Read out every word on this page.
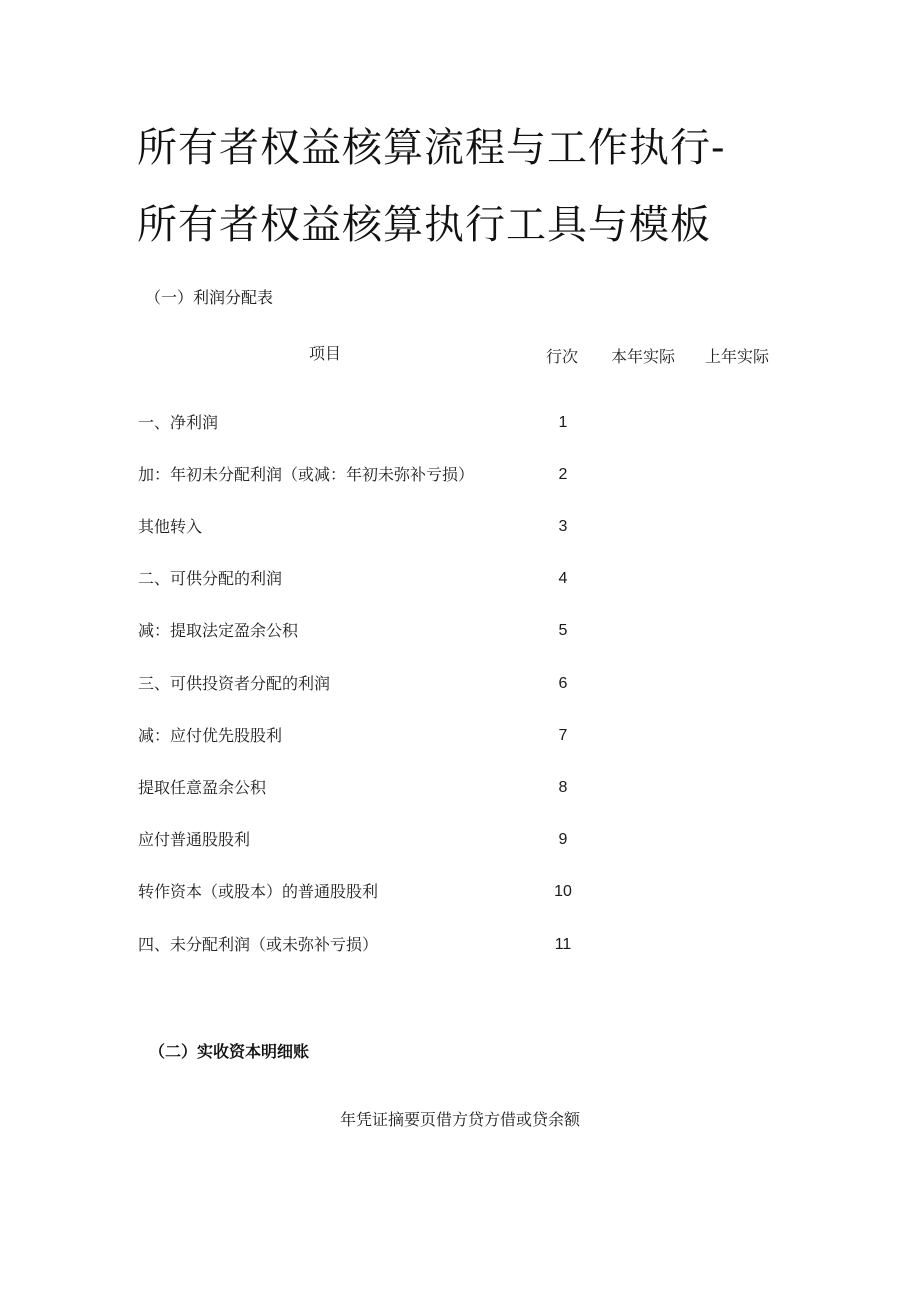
所有者权益核算流程与工作执行-
所有者权益核算执行工具与模板
（一）利润分配表
项目	行次 本年实际 上年实际
一、净利润	1
加：年初未分配利润（或减：年初未弥补亏损）	2
其他转入	3
二、可供分配的利润	4
减：提取法定盈余公积	5
三、可供投资者分配的利润	6
减：应付优先股股利	7
提取任意盈余公积	8
应付普通股股利	9
转作资本（或股本）的普通股股利	10
四、未分配利润（或未弥补亏损）	11
（二）实收资本明细账
年凭证摘要页借方贷方借或贷余额
